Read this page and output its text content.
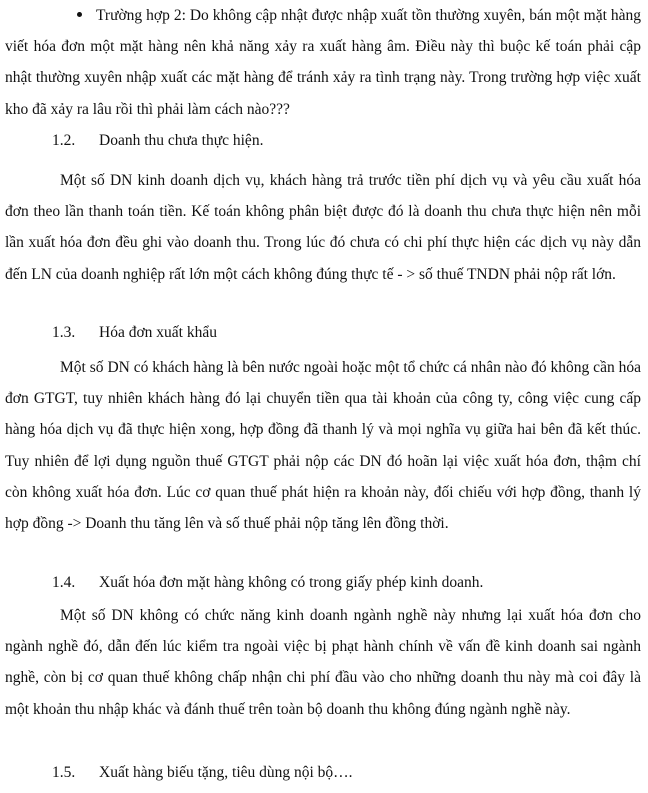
Trường hợp 2: Do không cập nhật được nhập xuất tồn thường xuyên, bán một mặt hàng viết hóa đơn một mặt hàng nên khả năng xảy ra xuất hàng âm. Điều này thì buộc kế toán phải cập nhật thường xuyên nhập xuất các mặt hàng để tránh xảy ra tình trạng này. Trong trường hợp việc xuất kho đã xảy ra lâu rồi thì phải làm cách nào???

1.2. Doanh thu chưa thực hiện.

Một số DN kinh doanh dịch vụ, khách hàng trả trước tiền phí dịch vụ và yêu cầu xuất hóa đơn theo lần thanh toán tiền. Kế toán không phân biệt được đó là doanh thu chưa thực hiện nên mỗi lần xuất hóa đơn đều ghi vào doanh thu. Trong lúc đó chưa có chi phí thực hiện các dịch vụ này dẫn đến LN của doanh nghiệp rất lớn một cách không đúng thực tế - > số thuế TNDN phải nộp rất lớn.

1.3. Hóa đơn xuất khẩu

Một số DN có khách hàng là bên nước ngoài hoặc một tổ chức cá nhân nào đó không cần hóa đơn GTGT, tuy nhiên khách hàng đó lại chuyển tiền qua tài khoản của công ty, công việc cung cấp hàng hóa dịch vụ đã thực hiện xong, hợp đồng đã thanh lý và mọi nghĩa vụ giữa hai bên đã kết thúc. Tuy nhiên để lợi dụng nguồn thuế GTGT phải nộp các DN đó hoãn lại việc xuất hóa đơn, thậm chí còn không xuất hóa đơn. Lúc cơ quan thuế phát hiện ra khoản này, đối chiếu với hợp đồng, thanh lý hợp đồng -> Doanh thu tăng lên và số thuế phải nộp tăng lên đồng thời.

1.4. Xuất hóa đơn mặt hàng không có trong giấy phép kinh doanh.

Một số DN không có chức năng kinh doanh ngành nghề này nhưng lại xuất hóa đơn cho ngành nghề đó, dẫn đến lúc kiểm tra ngoài việc bị phạt hành chính về vấn đề kinh doanh sai ngành nghề, còn bị cơ quan thuế không chấp nhận chi phí đầu vào cho những doanh thu này mà coi đây là một khoản thu nhập khác và đánh thuế trên toàn bộ doanh thu không đúng ngành nghề này.

1.5. Xuất hàng biếu tặng, tiêu dùng nội bộ….
